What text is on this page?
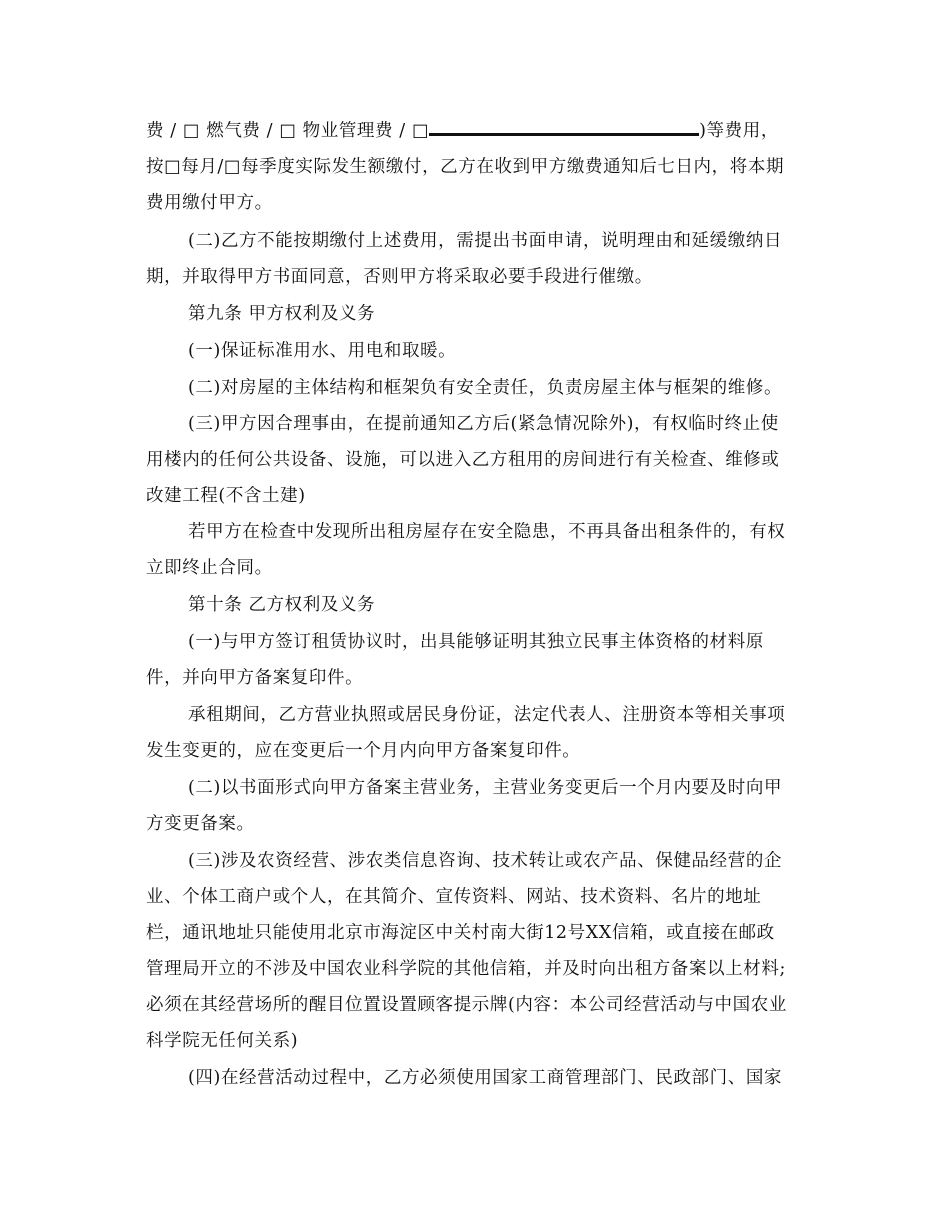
费 / □ 燃气费 / □ 物业管理费 / □	)等费用，
按□每月/□每季度实际发生额缴付，乙方在收到甲方缴费通知后七日内，将本期
费用缴付甲方。
(二)乙方不能按期缴付上述费用，需提出书面申请，说明理由和延缓缴纳日
期，并取得甲方书面同意，否则甲方将采取必要手段进行催缴。
第九条 甲方权利及义务
(一)保证标准用水、用电和取暖。
(二)对房屋的主体结构和框架负有安全责任，负责房屋主体与框架的维修。
(三)甲方因合理事由，在提前通知乙方后(紧急情况除外)，有权临时终止使
用楼内的任何公共设备、设施，可以进入乙方租用的房间进行有关检查、维修或
改建工程(不含土建)
若甲方在检查中发现所出租房屋存在安全隐患，不再具备出租条件的，有权
立即终止合同。
第十条 乙方权利及义务
(一)与甲方签订租赁协议时，出具能够证明其独立民事主体资格的材料原
件，并向甲方备案复印件。
承租期间，乙方营业执照或居民身份证，法定代表人、注册资本等相关事项
发生变更的，应在变更后一个月内向甲方备案复印件。
(二)以书面形式向甲方备案主营业务，主营业务变更后一个月内要及时向甲
方变更备案。
(三)涉及农资经营、涉农类信息咨询、技术转让或农产品、保健品经营的企
业、个体工商户或个人，在其简介、宣传资料、网站、技术资料、名片的地址
栏，通讯地址只能使用北京市海淀区中关村南大街12号XX信箱，或直接在邮政
管理局开立的不涉及中国农业科学院的其他信箱，并及时向出租方备案以上材料;
必须在其经营场所的醒目位置设置顾客提示牌(内容：本公司经营活动与中国农业
科学院无任何关系)
(四)在经营活动过程中，乙方必须使用国家工商管理部门、民政部门、国家
